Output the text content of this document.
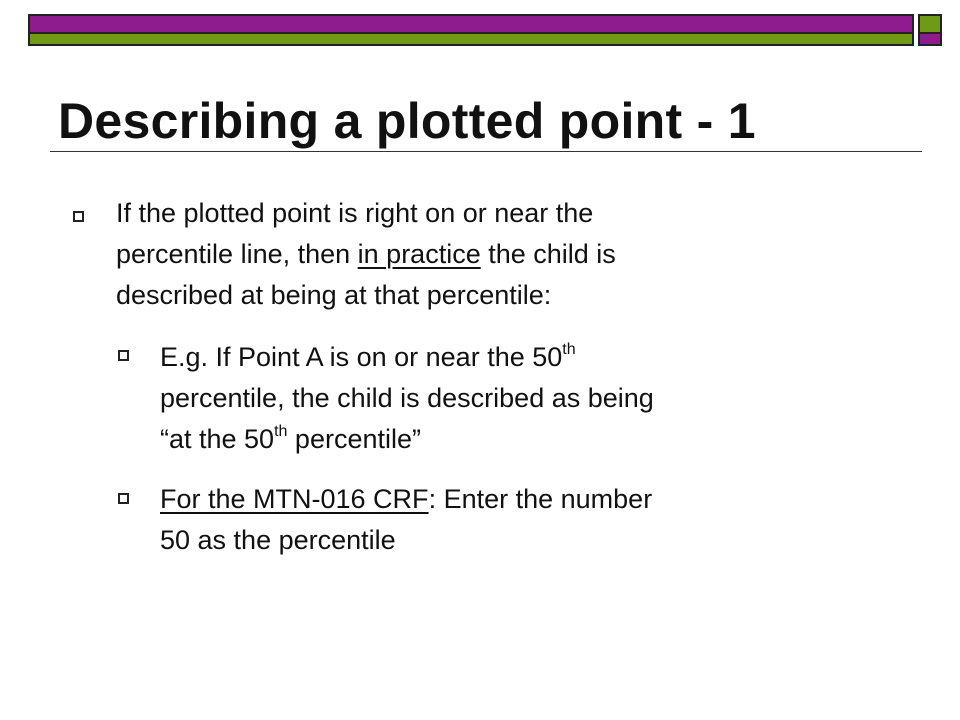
Describing a plotted point - 1

If the plotted point is right on or near the
percentile line, then in practice the child is
described at being at that percentile:

E.g. If Point A is on or near the 50th
percentile, the child is described as being
“at the 50th percentile”

For the MTN-016 CRF: Enter the number
50 as the percentile
